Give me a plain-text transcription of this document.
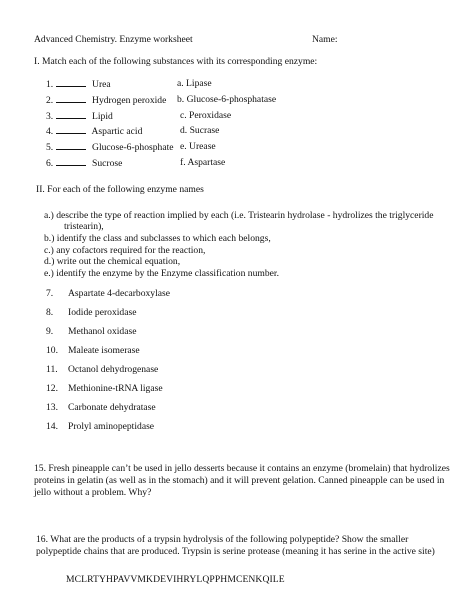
Advanced Chemistry. Enzyme worksheet	Name:
I. Match each of the following substances with its corresponding enzyme:
1.	Urea	a. Lipase
2.	Hydrogen peroxide b. Glucose-6-phosphatase
3.	Lipid	c. Peroxidase
4.	Aspartic acid	d. Sucrase
5.	Glucose-6-phosphate e. Urease
6.	Sucrose	f. Aspartase
II. For each of the following enzyme names
a.) describe the type of reaction implied by each (i.e. Tristearin hydrolase - hydrolizes the triglyceride
tristearin),
b.) identify the class and subclasses to which each belongs,
c.) any cofactors required for the reaction,
d.) write out the chemical equation,
e.) identify the enzyme by the Enzyme classification number.
7. Aspartate 4-decarboxylase
8. Iodide peroxidase
9. Methanol oxidase
10. Maleate isomerase
11. Octanol dehydrogenase
12. Methionine-tRNA ligase
13. Carbonate dehydratase
14. Prolyl aminopeptidase
15. Fresh pineapple can’t be used in jello desserts because it contains an enzyme (bromelain) that hydrolizes
proteins in gelatin (as well as in the stomach) and it will prevent gelation. Canned pineapple can be used in
jello without a problem. Why?
16. What are the products of a trypsin hydrolysis of the following polypeptide? Show the smaller
polypeptide chains that are produced. Trypsin is serine protease (meaning it has serine in the active site)
MCLRTYHPAVVMKDEVIHRYLQPPHMCENKQILE
